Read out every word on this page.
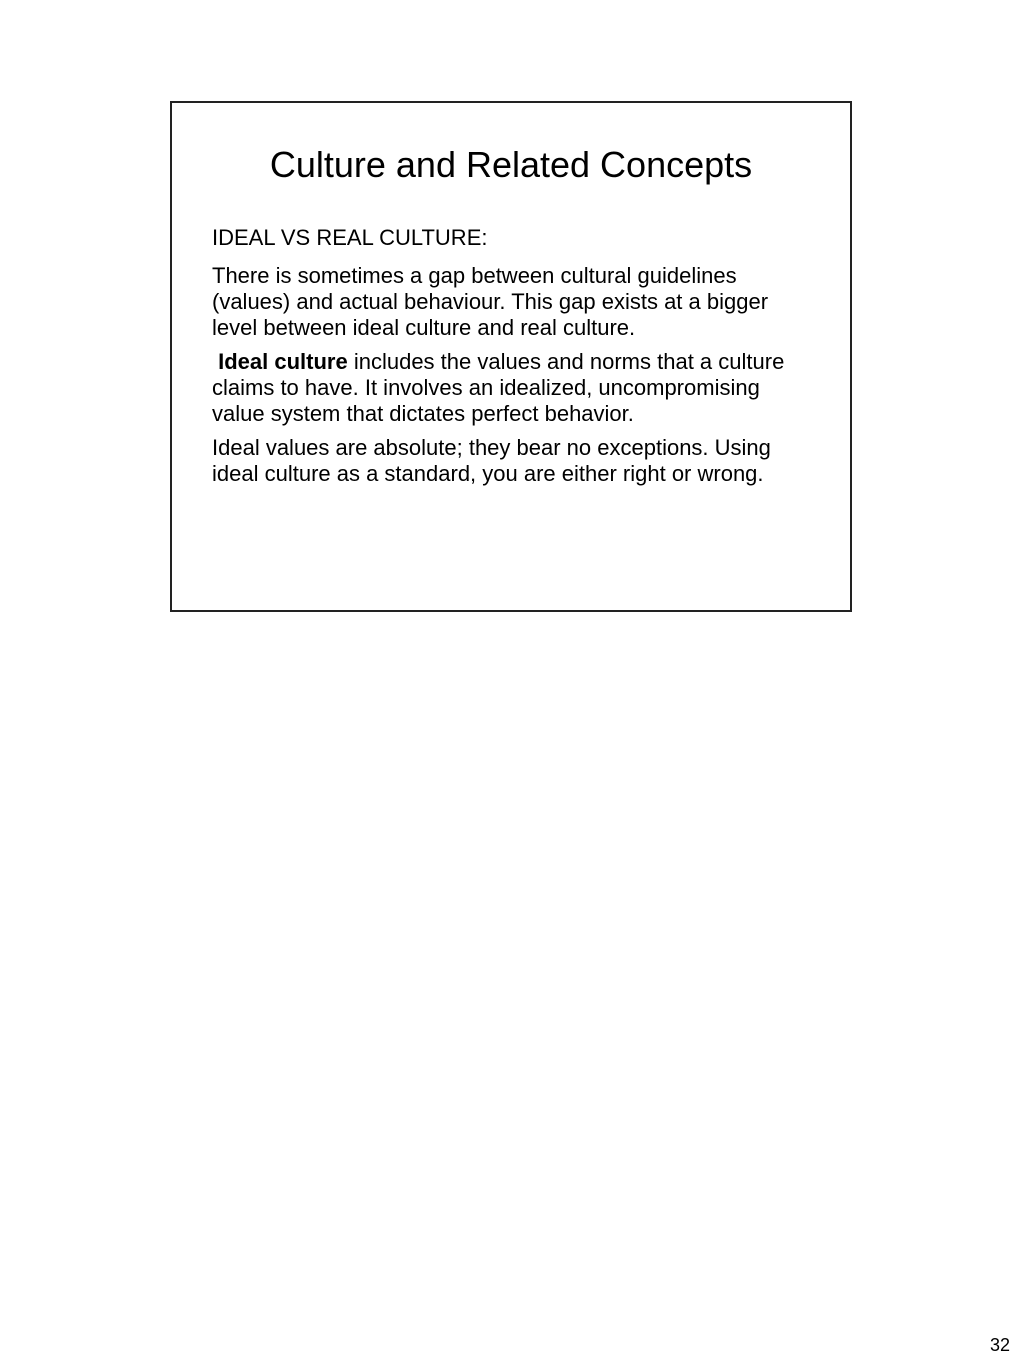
Culture and Related Concepts

IDEAL VS REAL CULTURE:

There is sometimes a gap between cultural guidelines (values) and actual behaviour. This gap exists at a bigger level between ideal culture and real culture.

Ideal culture includes the values and norms that a culture claims to have. It involves an idealized, uncompromising value system that dictates perfect behavior.

Ideal values are absolute; they bear no exceptions. Using ideal culture as a standard, you are either right or wrong.

32
